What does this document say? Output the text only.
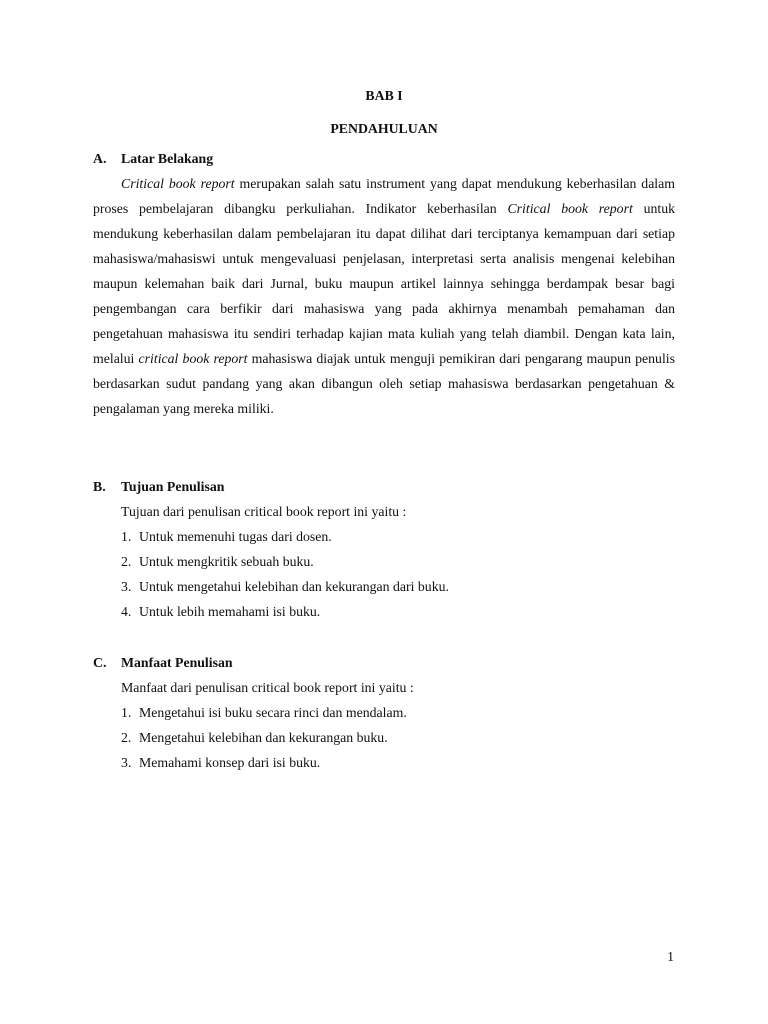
BAB I
PENDAHULUAN
A. Latar Belakang

Critical book report merupakan salah satu instrument yang dapat mendukung keberhasilan dalam proses pembelajaran dibangku perkuliahan. Indikator keberhasilan Critical book report untuk mendukung keberhasilan dalam pembelajaran itu dapat dilihat dari terciptanya kemampuan dari setiap mahasiswa/mahasiswi untuk mengevaluasi penjelasan, interpretasi serta analisis mengenai kelebihan maupun kelemahan baik dari Jurnal, buku maupun artikel lainnya sehingga berdampak besar bagi pengembangan cara berfikir dari mahasiswa yang pada akhirnya menambah pemahaman dan pengetahuan mahasiswa itu sendiri terhadap kajian mata kuliah yang telah diambil. Dengan kata lain, melalui critical book report mahasiswa diajak untuk menguji pemikiran dari pengarang maupun penulis berdasarkan sudut pandang yang akan dibangun oleh setiap mahasiswa berdasarkan pengetahuan & pengalaman yang mereka miliki.

B. Tujuan Penulisan
Tujuan dari penulisan critical book report ini yaitu :
1. Untuk memenuhi tugas dari dosen.
2. Untuk mengkritik sebuah buku.
3. Untuk mengetahui kelebihan dan kekurangan dari buku.
4. Untuk lebih memahami isi buku.
C. Manfaat Penulisan
Manfaat dari penulisan critical book report ini yaitu :
1. Mengetahui isi buku secara rinci dan mendalam.
2. Mengetahui kelebihan dan kekurangan buku.
3. Memahami konsep dari isi buku.
1
